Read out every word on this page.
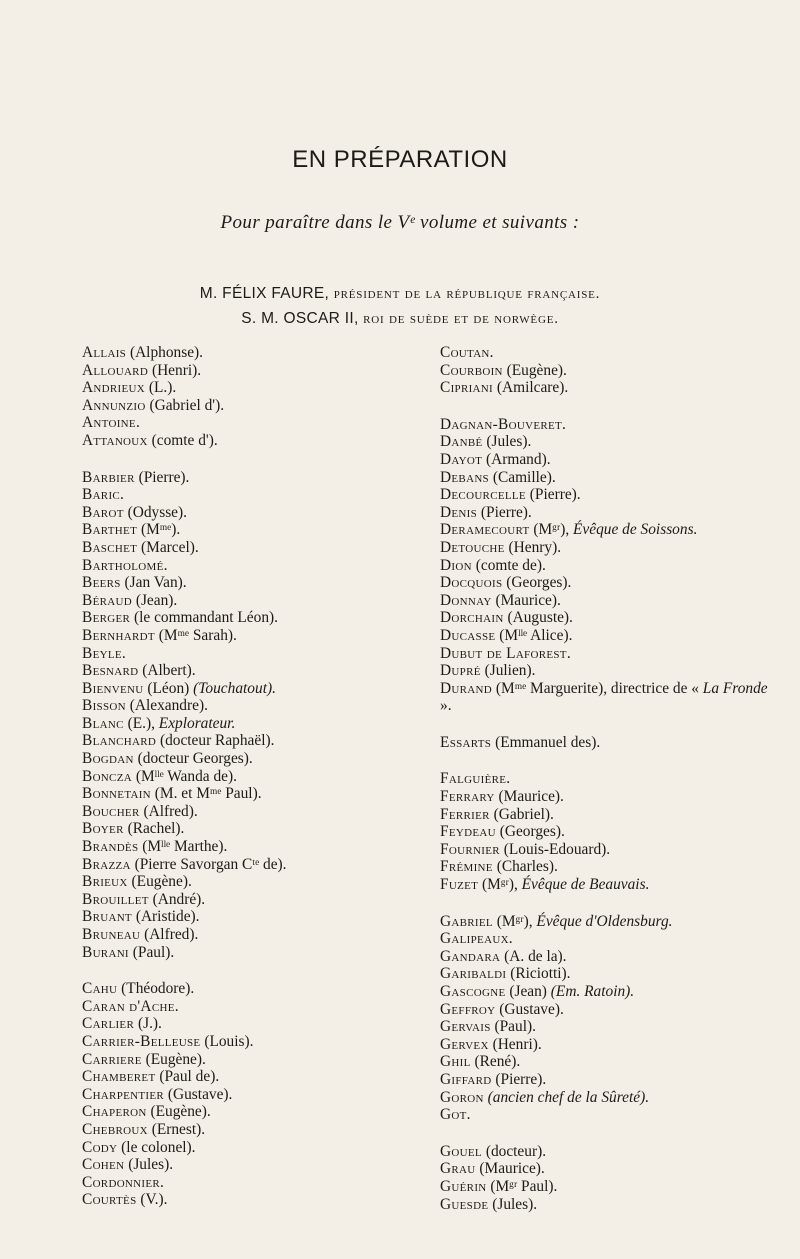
EN PRÉPARATION
Pour paraître dans le Vᵉ volume et suivants :
M. FÉLIX FAURE, président de la république française.
S. M. OSCAR II, roi de suède et de norwège.
Allais (Alphonse).
Allouard (Henri).
Andrieux (L.).
Annunzio (Gabriel d').
Antoine.
Attanoux (comte d').
Barbier (Pierre).
Baric.
Barot (Odysse).
Barthet (Mᵐᵉ).
Baschet (Marcel).
Bartholomé.
Beers (Jan Van).
Béraud (Jean).
Berger (le commandant Léon).
Bernhardt (Mᵐᵉ Sarah).
Beyle.
Besnard (Albert).
Bienvenu (Léon) (Touchatout).
Bisson (Alexandre).
Blanc (E.), Explorateur.
Blanchard (docteur Raphaël).
Bogdan (docteur Georges).
Boncza (Mˡˡᵉ Wanda de).
Bonnetain (M. et Mᵐᵉ Paul).
Boucher (Alfred).
Boyer (Rachel).
Brandès (Mˡˡᵉ Marthe).
Brazza (Pierre Savorgan Cᵗᵉ de).
Brieux (Eugène).
Brouillet (André).
Bruant (Aristide).
Bruneau (Alfred).
Burani (Paul).
Cahu (Théodore).
Caran d'Ache.
Carlier (J.).
Carrier-Belleuse (Louis).
Carriere (Eugène).
Chamberet (Paul de).
Charpentier (Gustave).
Chaperon (Eugène).
Chebroux (Ernest).
Cody (le colonel).
Cohen (Jules).
Cordonnier.
Courtès (V.).
Coutan.
Courboin (Eugène).
Cipriani (Amilcare).
Dagnan-Bouveret.
Danbé (Jules).
Dayot (Armand).
Debans (Camille).
Decourcelle (Pierre).
Denis (Pierre).
Deramecourt (Mᵍʳ), Évêque de Soissons.
Detouche (Henry).
Dion (comte de).
Docquois (Georges).
Donnay (Maurice).
Dorchain (Auguste).
Ducasse (Mˡˡᵉ Alice).
Dubut de Laforest.
Dupré (Julien).
Durand (Mᵐᵉ Marguerite), directrice de « La Fronde ».
Essarts (Emmanuel des).
Falguière.
Ferrary (Maurice).
Ferrier (Gabriel).
Feydeau (Georges).
Fournier (Louis-Edouard).
Frémine (Charles).
Fuzet (Mᵍʳ), Évêque de Beauvais.
Gabriel (Mᵍʳ), Évêque d'Oldensburg.
Galipeaux.
Gandara (A. de la).
Garibaldi (Riciotti).
Gascogne (Jean) (Em. Ratoin).
Geffroy (Gustave).
Gervais (Paul).
Gervex (Henri).
Ghil (René).
Giffard (Pierre).
Goron (ancien chef de la Sûreté).
Got.
Gouel (docteur).
Grau (Maurice).
Guérin (Mᵍʳ Paul).
Guesde (Jules).
